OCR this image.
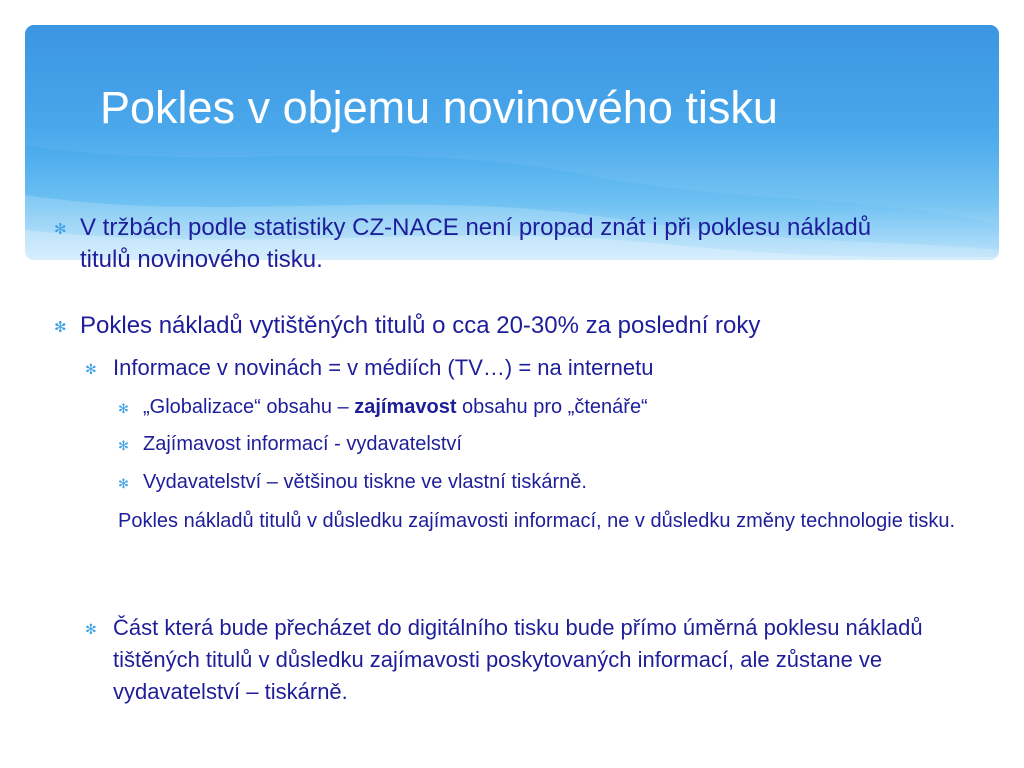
Pokles v objemu novinového tisku
✻ V tržbách podle statistiky CZ-NACE není propad znát i při poklesu nákladů titulů novinového tisku.

✻ Pokles nákladů vytištěných titulů o cca 20-30% za poslední roky

✻ Informace v novinách = v médiích (TV…) = na internetu

✻ „Globalizace“ obsahu – zajímavost obsahu pro „čtenáře“

✻ Zajímavost informací - vydavatelství

✻ Vydavatelství – většinou tiskne ve vlastní tiskárně.

Pokles nákladů titulů v důsledku zajímavosti informací, ne v důsledku změny technologie tisku.

✻ Část která bude přecházet do digitálního tisku bude přímo úměrná poklesu nákladů tištěných titulů v důsledku zajímavosti poskytovaných informací, ale zůstane ve vydavatelství – tiskárně.
